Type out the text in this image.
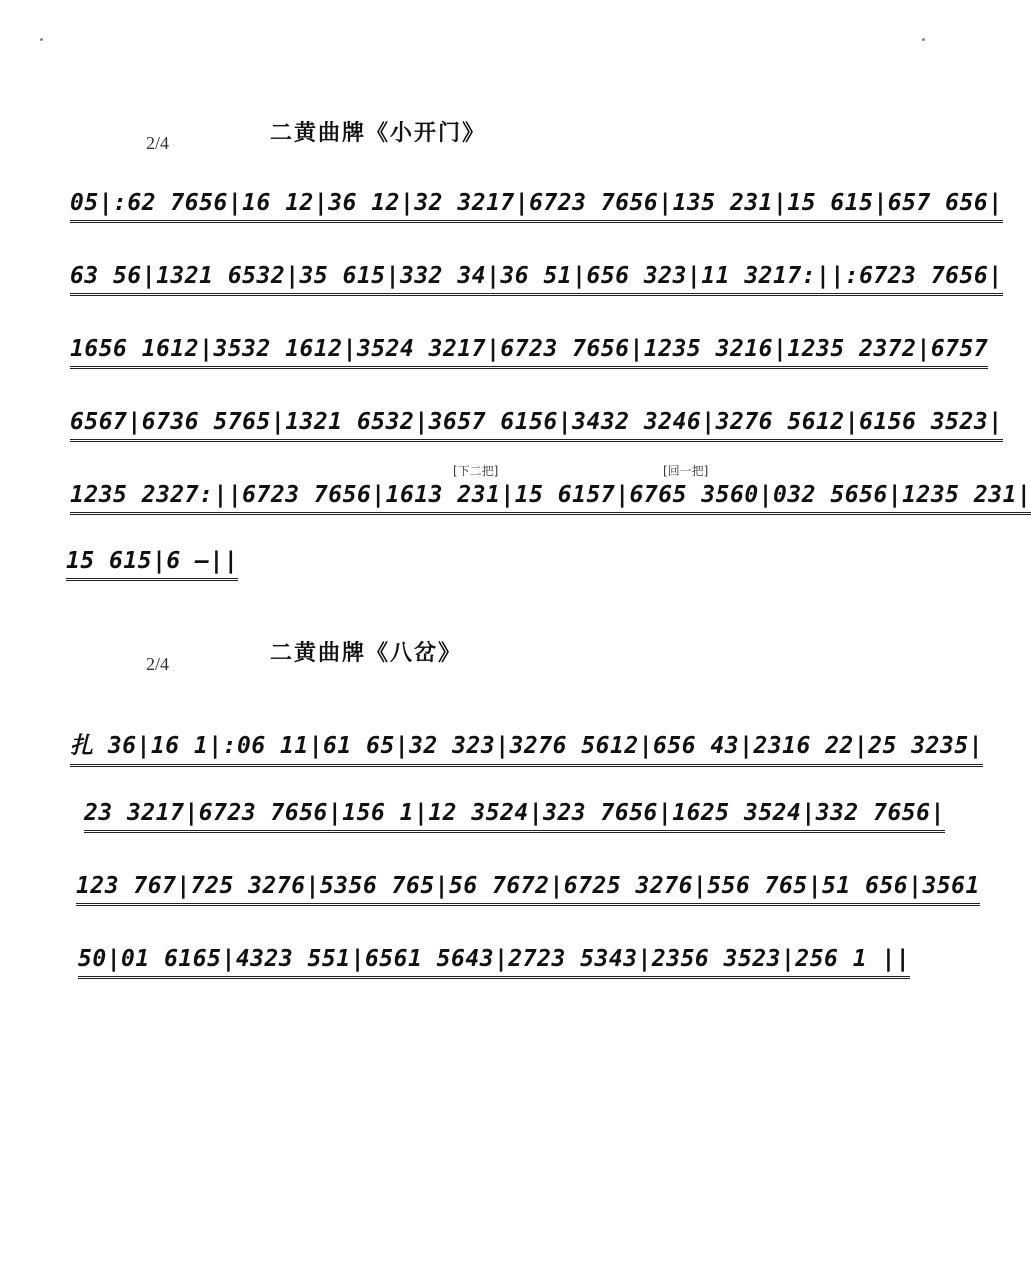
二黄曲牌《小开门》
2/4
05|:62 7656|16 12|36 12|32 3217|6723 7656|135 231|15 615|657 656|
63 56|1321 6532|35 615|332 34|36 51|656 323|11 3217:||:6723 7656|
1656 1612|3532 1612|3524 3217|6723 7656|1235 3216|1235 2372|6757
6567|6736 5765|1321 6532|3657 6156|3432 3246|3276 5612|6156 3523|
[下二把]	[回一把]
1235 2327:||6723 7656|1613 231|15 6157|6765 3560|032 5656|1235 231|
15 615|6 —||
二黄曲牌《八岔》
2/4
扎 36|16 1|:06 11|61 65|32 323|3276 5612|656 43|2316 22|25 3235|
23 3217|6723 7656|156 1|12 3524|323 7656|1625 3524|332 7656|
123 767|725 3276|5356 765|56 7672|6725 3276|556 765|51 656|3561
50|01 6165|4323 551|6561 5643|2723 5343|2356 3523|256 1 ||
